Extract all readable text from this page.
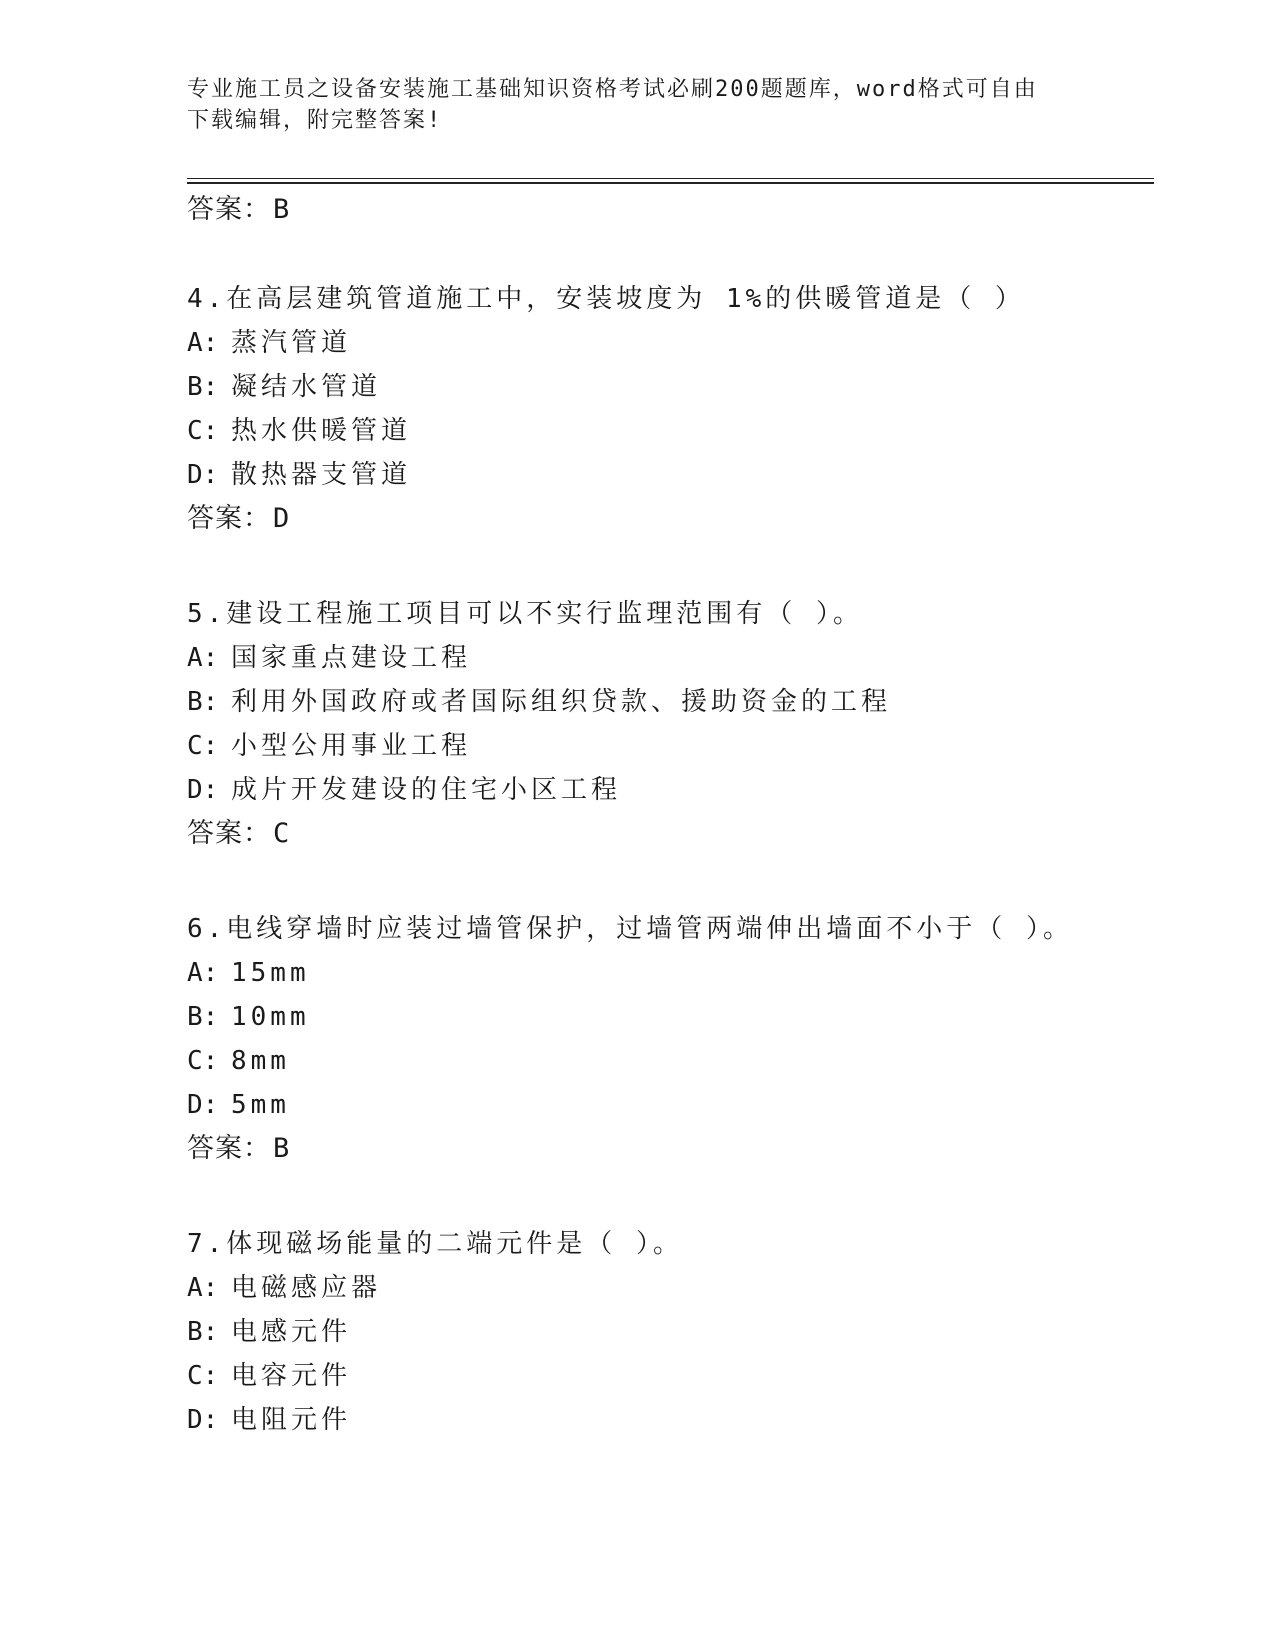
专业施工员之设备安装施工基础知识资格考试必刷200题题库，word格式可自由
下载编辑，附完整答案!
答案：B
4.在高层建筑管道施工中，安装坡度为 1%的供暖管道是（ ）
A: 蒸汽管道
B: 凝结水管道
C: 热水供暖管道
D: 散热器支管道
答案：D
5.建设工程施工项目可以不实行监理范围有（ ）。
A: 国家重点建设工程
B: 利用外国政府或者国际组织贷款、援助资金的工程
C: 小型公用事业工程
D: 成片开发建设的住宅小区工程
答案：C
6.电线穿墙时应装过墙管保护，过墙管两端伸出墙面不小于（ ）。
A: 15mm
B: 10mm
C: 8mm
D: 5mm
答案：B
7.体现磁场能量的二端元件是（ ）。
A: 电磁感应器
B: 电感元件
C: 电容元件
D: 电阻元件
